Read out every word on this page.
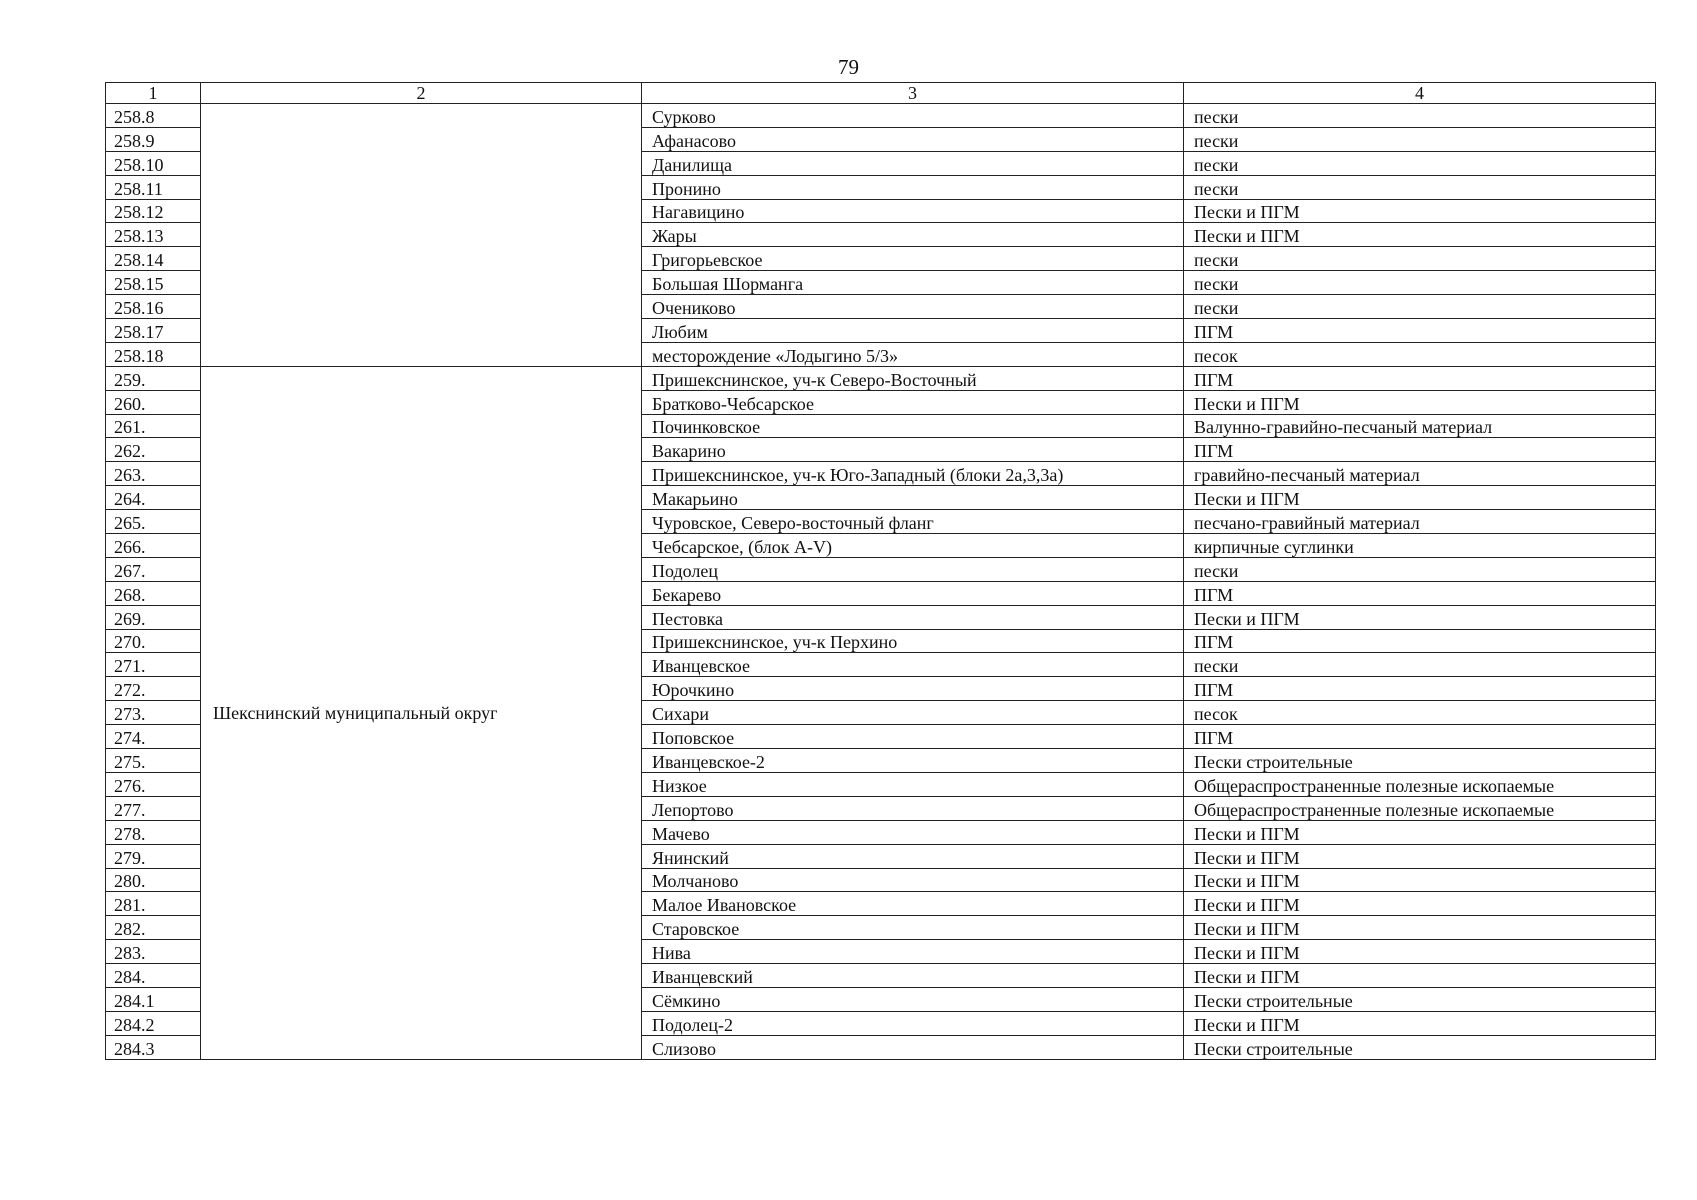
79
1	2	3	4
258.8		Сурково	пески
258.9		Афанасово	пески
258.10		Данилища	пески
258.11		Пронино	пески
258.12		Нагавицино	Пески и ПГМ
258.13		Жары	Пески и ПГМ
258.14		Григорьевское	пески
258.15		Большая Шорманга	пески
258.16		Очениково	пески
258.17		Любим	ПГМ
258.18		месторождение «Лодыгино 5/3»	песок
259.	Шекснинский муниципальный округ	Пришекснинское, уч-к Северо-Восточный	ПГМ
260.		Братково-Чебсарское	Пески и ПГМ
261.		Починковское	Валунно-гравийно-песчаный материал
262.		Вакарино	ПГМ
263.		Пришекснинское, уч-к Юго-Западный (блоки 2а,3,3а)	гравийно-песчаный материал
264.		Макарьино	Пески и ПГМ
265.		Чуровское, Северо-восточный фланг	песчано-гравийный материал
266.		Чебсарское, (блок A-V)	кирпичные суглинки
267.		Подолец	пески
268.		Бекарево	ПГМ
269.		Пестовка	Пески и ПГМ
270.		Пришекснинское, уч-к Перхино	ПГМ
271.		Иванцевское	пески
272.		Юрочкино	ПГМ
273.		Сихари	песок
274.		Поповское	ПГМ
275.		Иванцевское-2	Пески строительные
276.		Низкое	Общераспространенные полезные ископаемые
277.		Лепортово	Общераспространенные полезные ископаемые
278.		Мачево	Пески и ПГМ
279.		Янинский	Пески и ПГМ
280.		Молчаново	Пески и ПГМ
281.		Малое Ивановское	Пески и ПГМ
282.		Старовское	Пески и ПГМ
283.		Нива	Пески и ПГМ
284.		Иванцевский	Пески и ПГМ
284.1		Сёмкино	Пески строительные
284.2		Подолец-2	Пески и ПГМ
284.3		Слизово	Пески строительные
